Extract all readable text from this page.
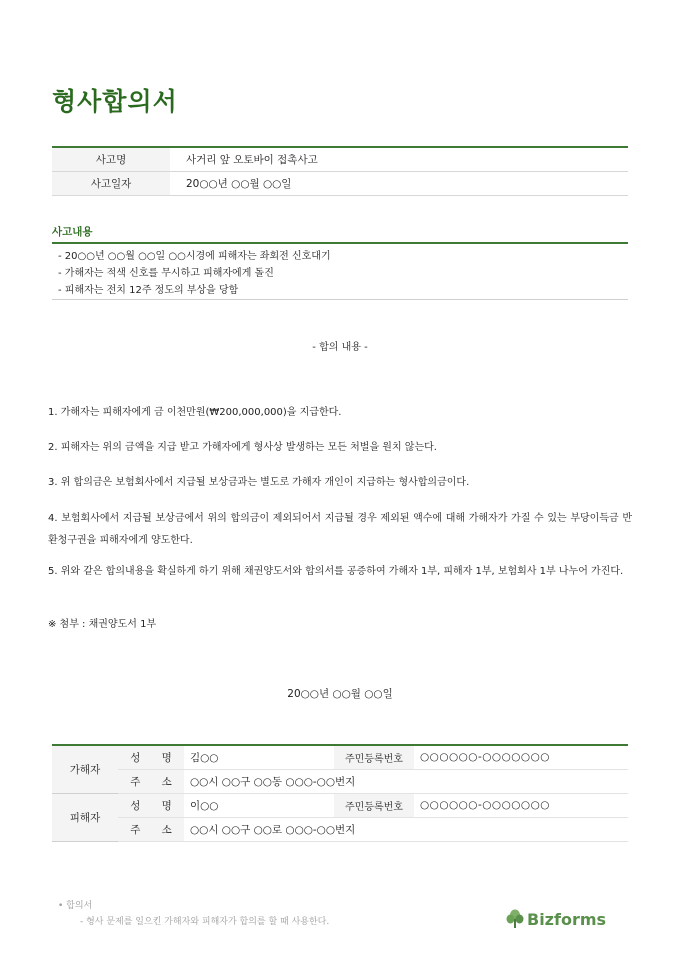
형사합의서
사고명	사거리 앞 오토바이 접촉사고
사고일자	20○○년 ○○월 ○○일
사고내용
- 20○○년 ○○월 ○○일 ○○시경에 피해자는 좌회전 신호대기
- 가해자는 적색 신호를 무시하고 피해자에게 돌진
- 피해자는 전치 12주 정도의 부상을 당함
- 합의 내용 -
1. 가해자는 피해자에게 금 이천만원(₩200,000,000)을 지급한다.
2. 피해자는 위의 금액을 지급 받고 가해자에게 형사상 발생하는 모든 처벌을 원치 않는다.
3. 위 합의금은 보험회사에서 지급될 보상금과는 별도로 가해자 개인이 지급하는 형사합의금이다.
4. 보험회사에서 지급될 보상금에서 위의 합의금이 제외되어서 지급될 경우 제외된 액수에 대해 가해자가 가질 수 있는 부당이득금 반환청구권을 피해자에게 양도한다.
5. 위와 같은 합의내용을 확실하게 하기 위해 채권양도서와 합의서를 공증하여 가해자 1부, 피해자 1부, 보험회사 1부 나누어 가진다.
※ 첨부 : 채권양도서 1부
20○○년 ○○월 ○○일
가해자	성 명	김○○	주민등록번호	○○○○○○-○○○○○○○
	주 소	○○시 ○○구 ○○동 ○○○-○○번지		
피해자	성 명	이○○	주민등록번호	○○○○○○-○○○○○○○
	주 소	○○시 ○○구 ○○로 ○○○-○○번지		
• 합의서
- 형사 문제를 일으킨 가해자와 피해자가 합의를 할 때 사용한다.	Bizforms
